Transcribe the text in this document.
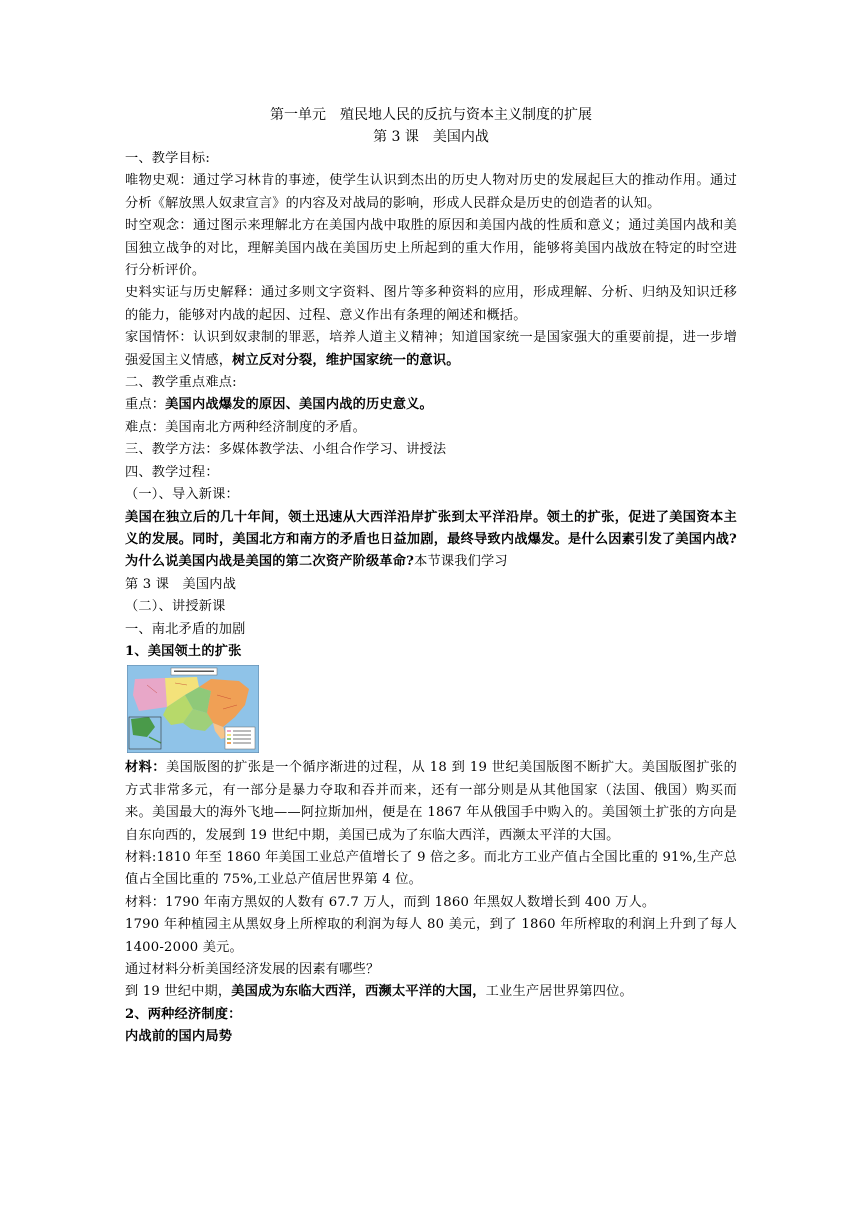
第一单元　殖民地人民的反抗与资本主义制度的扩展
第 3 课　美国内战

一、教学目标:

唯物史观：通过学习林肯的事迹，使学生认识到杰出的历史人物对历史的发展起巨大的推动作用。通过分析《解放黑人奴隶宣言》的内容及对战局的影响，形成人民群众是历史的创造者的认知。

时空观念：通过图示来理解北方在美国内战中取胜的原因和美国内战的性质和意义；通过美国内战和美国独立战争的对比，理解美国内战在美国历史上所起到的重大作用，能够将美国内战放在特定的时空进行分析评价。

史料实证与历史解释：通过多则文字资料、图片等多种资料的应用，形成理解、分析、归纳及知识迁移的能力，能够对内战的起因、过程、意义作出有条理的阐述和概括。

家国情怀：认识到奴隶制的罪恶，培养人道主义精神；知道国家统一是国家强大的重要前提，进一步增强爱国主义情感，树立反对分裂，维护国家统一的意识。

二、教学重点难点:

重点：美国内战爆发的原因、美国内战的历史意义。

难点：美国南北方两种经济制度的矛盾。

三、教学方法：多媒体教学法、小组合作学习、讲授法

四、教学过程：

（一）、导入新课：

美国在独立后的几十年间，领土迅速从大西洋沿岸扩张到太平洋沿岸。领土的扩张，促进了美国资本主义的发展。同时，美国北方和南方的矛盾也日益加剧，最终导致内战爆发。是什么因素引发了美国内战?为什么说美国内战是美国的第二次资产阶级革命?本节课我们学习

第 3 课　美国内战

（二）、讲授新课

一、南北矛盾的加剧

1、美国领土的扩张

材料：美国版图的扩张是一个循序渐进的过程，从 18 到 19 世纪美国版图不断扩大。美国版图扩张的方式非常多元，有一部分是暴力夺取和吞并而来，还有一部分则是从其他国家（法国、俄国）购买而来。美国最大的海外飞地——阿拉斯加州，便是在 1867 年从俄国手中购入的。美国领土扩张的方向是自东向西的，发展到 19 世纪中期，美国已成为了东临大西洋，西濒太平洋的大国。

材料:1810 年至 1860 年美国工业总产值增长了 9 倍之多。而北方工业产值占全国比重的 91%,生产总值占全国比重的 75%,工业总产值居世界第 4 位。

材料：1790 年南方黑奴的人数有 67.7 万人，而到 1860 年黑奴人数增长到 400 万人。

1790 年种植园主从黑奴身上所榨取的利润为每人 80 美元，到了 1860 年所榨取的利润上升到了每人 1400-2000 美元。

通过材料分析美国经济发展的因素有哪些？

到 19 世纪中期，美国成为东临大西洋，西濒太平洋的大国，工业生产居世界第四位。

2、两种经济制度：

内战前的国内局势
